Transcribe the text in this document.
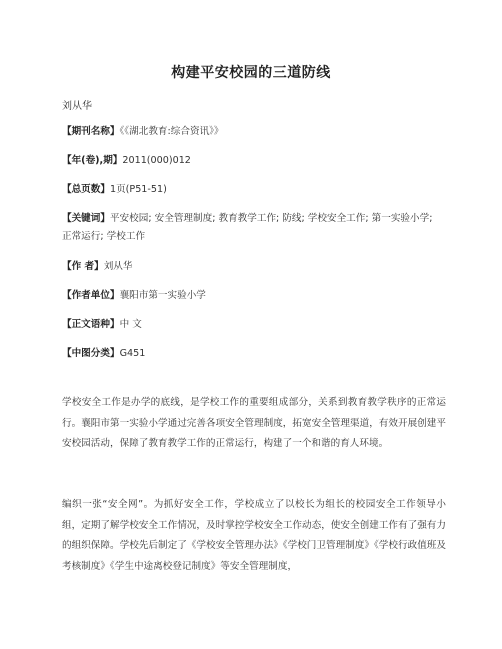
构建平安校园的三道防线
刘从华
【期刊名称】《《湖北教育:综合资讯》》
【年(卷),期】2011(000)012
【总页数】1页(P51-51)
【关键词】平安校园; 安全管理制度; 教育教学工作; 防线; 学校安全工作; 第一实验小学; 正常运行; 学校工作
【作 者】刘从华
【作者单位】襄阳市第一实验小学
【正文语种】中 文
【中图分类】G451
学校安全工作是办学的底线，是学校工作的重要组成部分，关系到教育教学秩序的正常运行。襄阳市第一实验小学通过完善各项安全管理制度，拓宽安全管理渠道，有效开展创建平安校园活动，保障了教育教学工作的正常运行，构建了一个和谐的育人环境。
编织一张“安全网”。为抓好安全工作，学校成立了以校长为组长的校园安全工作领导小组，定期了解学校安全工作情况，及时掌控学校安全工作动态，使安全创建工作有了强有力的组织保障。学校先后制定了《学校安全管理办法》《学校门卫管理制度》《学校行政值班及考核制度》《学生中途离校登记制度》等安全管理制度，
